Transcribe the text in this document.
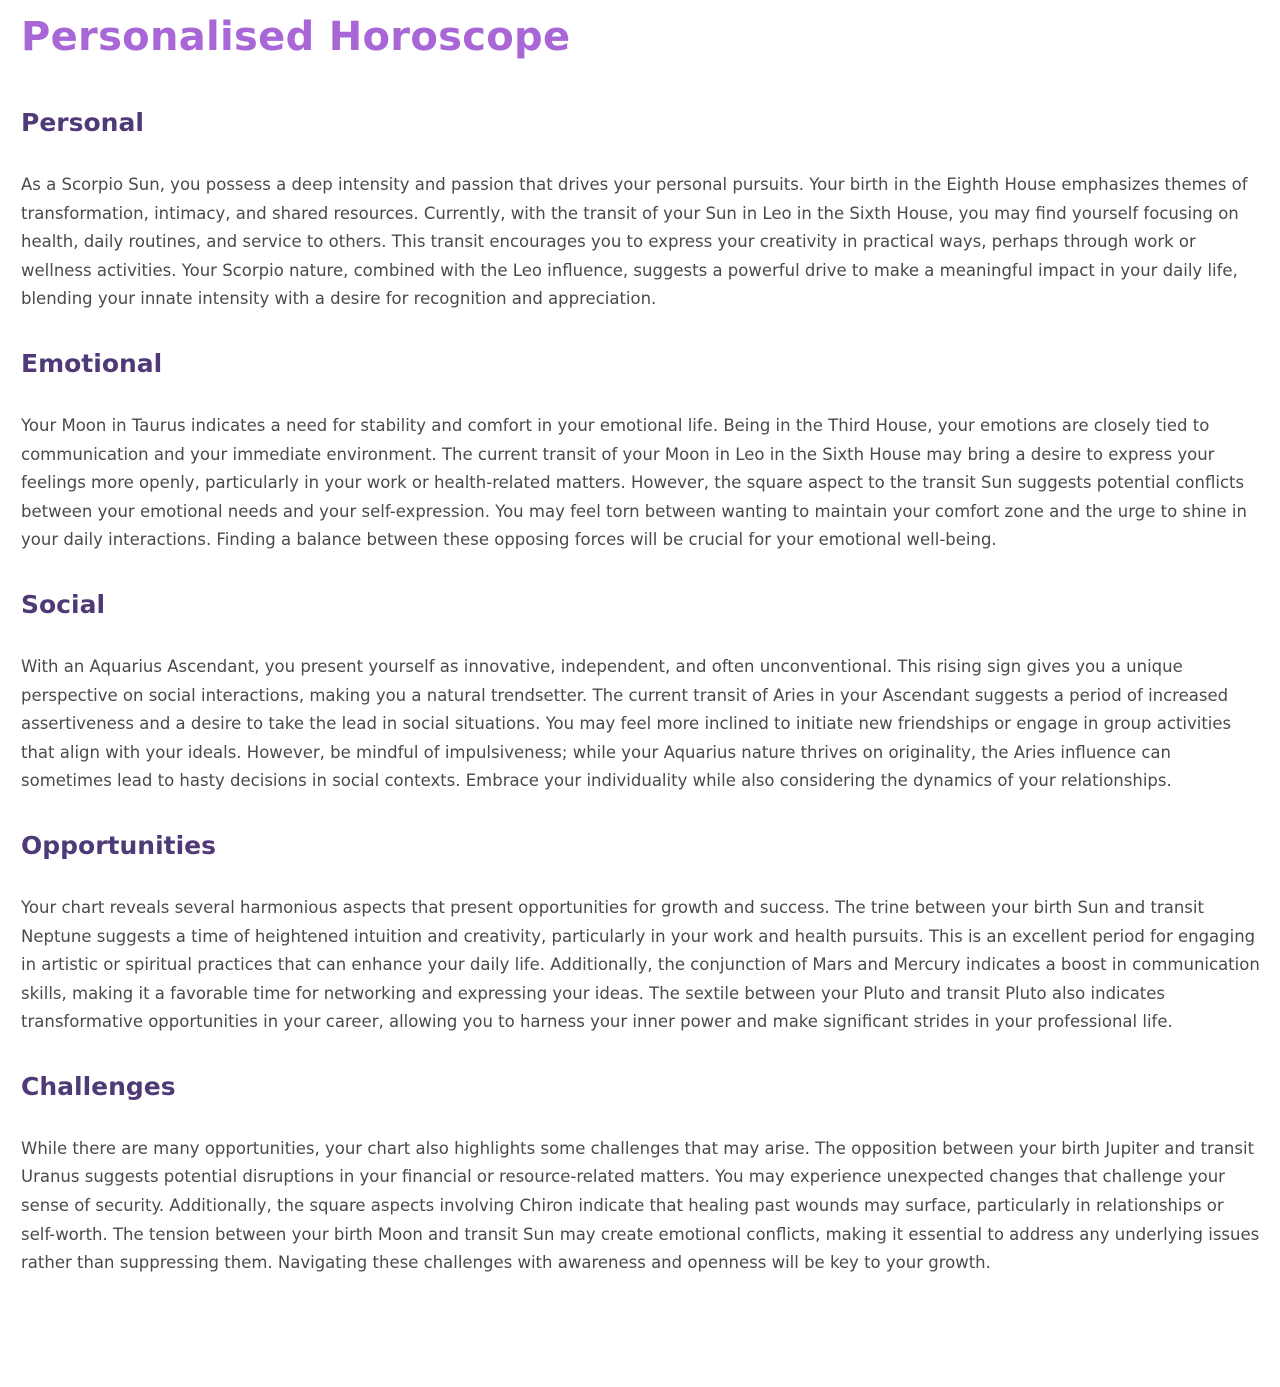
Personalised Horoscope
Personal

As a Scorpio Sun, you possess a deep intensity and passion that drives your personal pursuits. Your birth in the Eighth House emphasizes themes of transformation, intimacy, and shared resources. Currently, with the transit of your Sun in Leo in the Sixth House, you may find yourself focusing on health, daily routines, and service to others. This transit encourages you to express your creativity in practical ways, perhaps through work or wellness activities. Your Scorpio nature, combined with the Leo influence, suggests a powerful drive to make a meaningful impact in your daily life, blending your innate intensity with a desire for recognition and appreciation.

Emotional

Your Moon in Taurus indicates a need for stability and comfort in your emotional life. Being in the Third House, your emotions are closely tied to communication and your immediate environment. The current transit of your Moon in Leo in the Sixth House may bring a desire to express your feelings more openly, particularly in your work or health-related matters. However, the square aspect to the transit Sun suggests potential conflicts between your emotional needs and your self-expression. You may feel torn between wanting to maintain your comfort zone and the urge to shine in your daily interactions. Finding a balance between these opposing forces will be crucial for your emotional well-being.

Social

With an Aquarius Ascendant, you present yourself as innovative, independent, and often unconventional. This rising sign gives you a unique perspective on social interactions, making you a natural trendsetter. The current transit of Aries in your Ascendant suggests a period of increased assertiveness and a desire to take the lead in social situations. You may feel more inclined to initiate new friendships or engage in group activities that align with your ideals. However, be mindful of impulsiveness; while your Aquarius nature thrives on originality, the Aries influence can sometimes lead to hasty decisions in social contexts. Embrace your individuality while also considering the dynamics of your relationships.

Opportunities

Your chart reveals several harmonious aspects that present opportunities for growth and success. The trine between your birth Sun and transit Neptune suggests a time of heightened intuition and creativity, particularly in your work and health pursuits. This is an excellent period for engaging in artistic or spiritual practices that can enhance your daily life. Additionally, the conjunction of Mars and Mercury indicates a boost in communication skills, making it a favorable time for networking and expressing your ideas. The sextile between your Pluto and transit Pluto also indicates transformative opportunities in your career, allowing you to harness your inner power and make significant strides in your professional life.

Challenges

While there are many opportunities, your chart also highlights some challenges that may arise. The opposition between your birth Jupiter and transit Uranus suggests potential disruptions in your financial or resource-related matters. You may experience unexpected changes that challenge your sense of security. Additionally, the square aspects involving Chiron indicate that healing past wounds may surface, particularly in relationships or self-worth. The tension between your birth Moon and transit Sun may create emotional conflicts, making it essential to address any underlying issues rather than suppressing them. Navigating these challenges with awareness and openness will be key to your growth.
